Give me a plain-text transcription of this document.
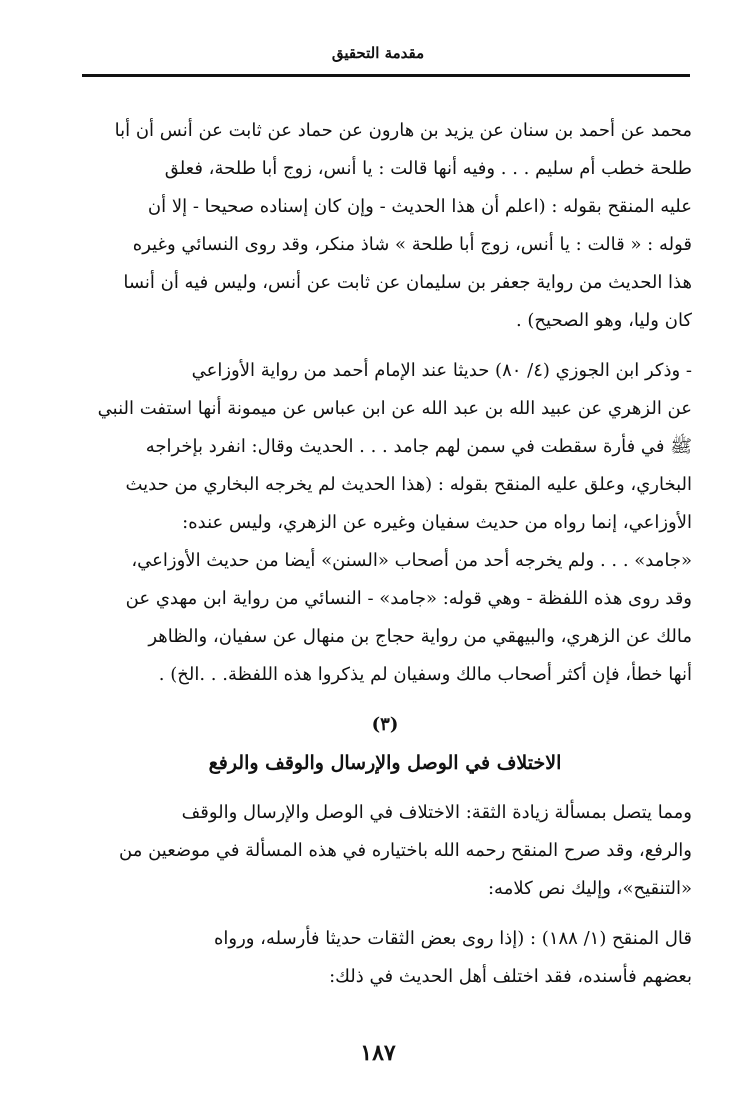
مقدمة التحقيق
محمد عن أحمد بن سنان عن يزيد بن هارون عن حماد عن ثابت عن أنس أن أبا
طلحة خطب أم سليم . . . وفيه أنها قالت : يا أنس، زوج أبا طلحة، فعلق
عليه المنقح بقوله : (اعلم أن هذا الحديث - وإن كان إسناده صحيحا - إلا أن
قوله : « قالت : يا أنس، زوج أبا طلحة » شاذ منكر، وقد روى النسائي وغيره
هذا الحديث من رواية جعفر بن سليمان عن ثابت عن أنس، وليس فيه أن أنسا
كان وليا، وهو الصحيح) .
- وذكر ابن الجوزي (٤/ ٨٠) حديثا عند الإمام أحمد من رواية الأوزاعي
عن الزهري عن عبيد الله بن عبد الله عن ابن عباس عن ميمونة أنها استفت النبي
ﷺ في فأرة سقطت في سمن لهم جامد . . . الحديث وقال: انفرد بإخراجه
البخاري، وعلق عليه المنقح بقوله : (هذا الحديث لم يخرجه البخاري من حديث
الأوزاعي، إنما رواه من حديث سفيان وغيره عن الزهري، وليس عنده:
«جامد» . . . ولم يخرجه أحد من أصحاب «السنن» أيضا من حديث الأوزاعي،
وقد روى هذه اللفظة - وهي قوله: «جامد» - النسائي من رواية ابن مهدي عن
مالك عن الزهري، والبيهقي من رواية حجاج بن منهال عن سفيان، والظاهر
أنها خطأ، فإن أكثر أصحاب مالك وسفيان لم يذكروا هذه اللفظة. . .الخ) .
(٣)
الاختلاف في الوصل والإرسال والوقف والرفع
ومما يتصل بمسألة زيادة الثقة: الاختلاف في الوصل والإرسال والوقف
والرفع، وقد صرح المنقح رحمه الله باختياره في هذه المسألة في موضعين من
«التنقيح»، وإليك نص كلامه:
قال المنقح (١/ ١٨٨) : (إذا روى بعض الثقات حديثا فأرسله، ورواه
بعضهم فأسنده، فقد اختلف أهل الحديث في ذلك:
١٨٧
